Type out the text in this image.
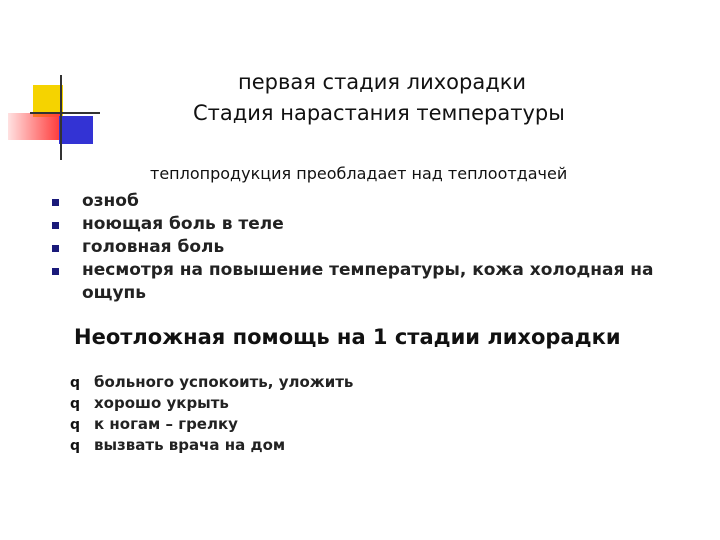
первая стадия лихорадки
Стадия нарастания температуры
теплопродукция преобладает над теплоотдачей
озноб
ноющая боль в теле
головная боль
несмотря на повышение температуры, кожа холодная на ощупь
Неотложная помощь на 1 стадии лихорадки
q больного успокоить, уложить
q хорошо укрыть
q к ногам – грелку
q вызвать врача на дом
